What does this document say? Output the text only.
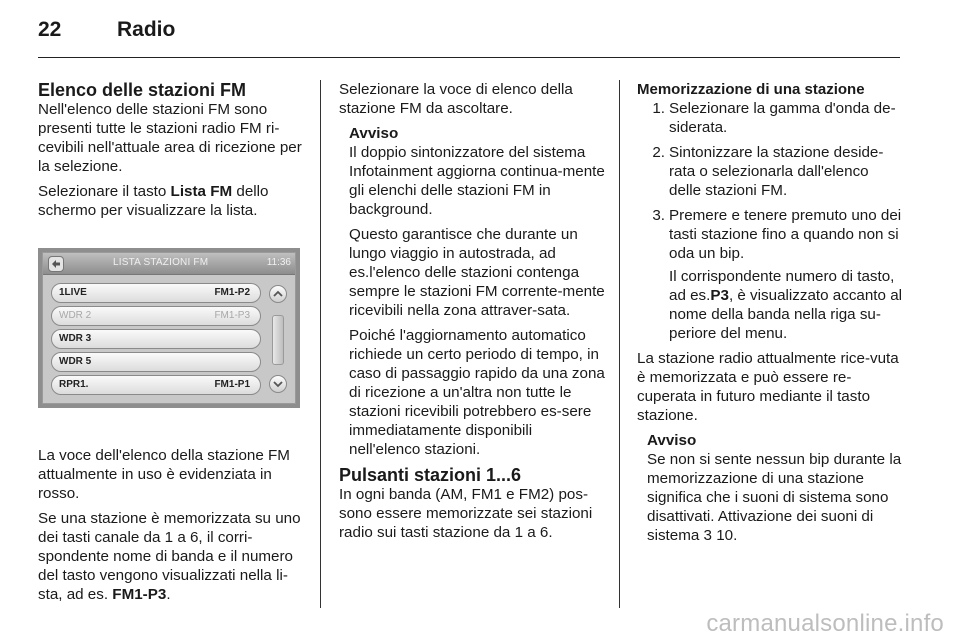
22	Radio
Elenco delle stazioni FM

Nell'elenco delle stazioni FM sono presenti tutte le stazioni radio FM ri-cevibili nell'attuale area di ricezione per la selezione.

Selezionare il tasto Lista FM dello schermo per visualizzare la lista.

LISTA STAZIONI FM	11:36
1LIVE	FM1-P2
WDR 2	FM1-P3
WDR 3
WDR 5
RPR1.	FM1-P1

La voce dell'elenco della stazione FM attualmente in uso è evidenziata in rosso.

Se una stazione è memorizzata su uno dei tasti canale da 1 a 6, il corri-spondente nome di banda e il numero del tasto vengono visualizzati nella li-sta, ad es. FM1-P3.

Selezionare la voce di elenco della stazione FM da ascoltare.

Avviso

Il doppio sintonizzatore del sistema Infotainment aggiorna continua-mente gli elenchi delle stazioni FM in background.

Questo garantisce che durante un lungo viaggio in autostrada, ad es.l'elenco delle stazioni contenga sempre le stazioni FM corrente-mente ricevibili nella zona attraver-sata.

Poiché l'aggiornamento automatico richiede un certo periodo di tempo, in caso di passaggio rapido da una zona di ricezione a un'altra non tutte le stazioni ricevibili potrebbero es-sere immediatamente disponibili nell'elenco stazioni.

Pulsanti stazioni 1...6

In ogni banda (AM, FM1 e FM2) pos-sono essere memorizzate sei stazioni radio sui tasti stazione da 1 a 6.

Memorizzazione di una stazione
1. Selezionare la gamma d'onda de-siderata.

2. Sintonizzare la stazione deside-rata o selezionarla dall'elenco delle stazioni FM.

3. Premere e tenere premuto uno dei tasti stazione fino a quando non si oda un bip.

Il corrispondente numero di tasto, ad es.P3, è visualizzato accanto al nome della banda nella riga su-periore del menu.

La stazione radio attualmente rice-vuta è memorizzata e può essere re-cuperata in futuro mediante il tasto stazione.

Avviso

Se non si sente nessun bip durante la memorizzazione di una stazione significa che i suoni di sistema sono disattivati. Attivazione dei suoni di sistema 3 10.

carmanualsonline.info
